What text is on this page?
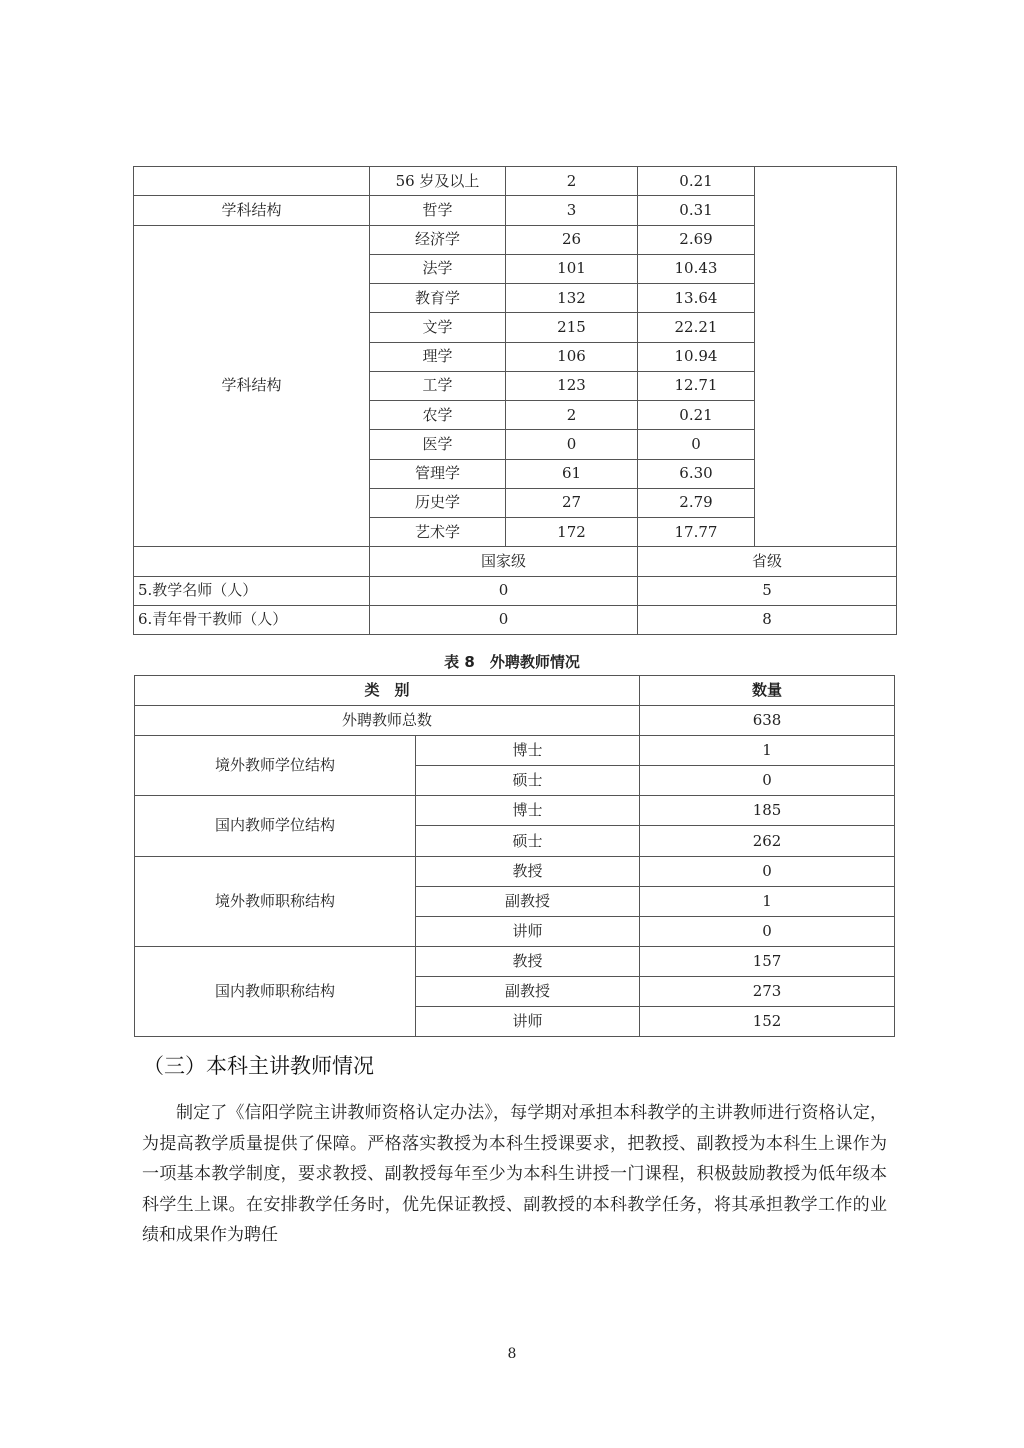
	56 岁及以上	2	0.21	
学科结构	哲学	3	0.31	
学科结构	经济学	26	2.69	
	法学	101	10.43	
	教育学	132	13.64	
	文学	215	22.21	
	理学	106	10.94	
	工学	123	12.71	
	农学	2	0.21	
	医学	0	0	
	管理学	61	6.30	
	历史学	27	2.79	
	艺术学	172	17.77	
	国家级		省级	
5.教学名师（人）	0		5	
6.青年骨干教师（人）	0		8	
表 8　外聘教师情况
类　别		数量
外聘教师总数		638
境外教师学位结构	博士	1
	硕士	0
国内教师学位结构	博士	185
	硕士	262
境外教师职称结构	教授	0
	副教授	1
	讲师	0
国内教师职称结构	教授	157
	副教授	273
	讲师	152
（三）本科主讲教师情况
制定了《信阳学院主讲教师资格认定办法》，每学期对承担本科教学的主讲教师进行资格认定，为提高教学质量提供了保障。严格落实教授为本科生授课要求，把教授、副教授为本科生上课作为一项基本教学制度，要求教授、副教授每年至少为本科生讲授一门课程，积极鼓励教授为低年级本科学生上课。在安排教学任务时，优先保证教授、副教授的本科教学任务，将其承担教学工作的业绩和成果作为聘任
8
